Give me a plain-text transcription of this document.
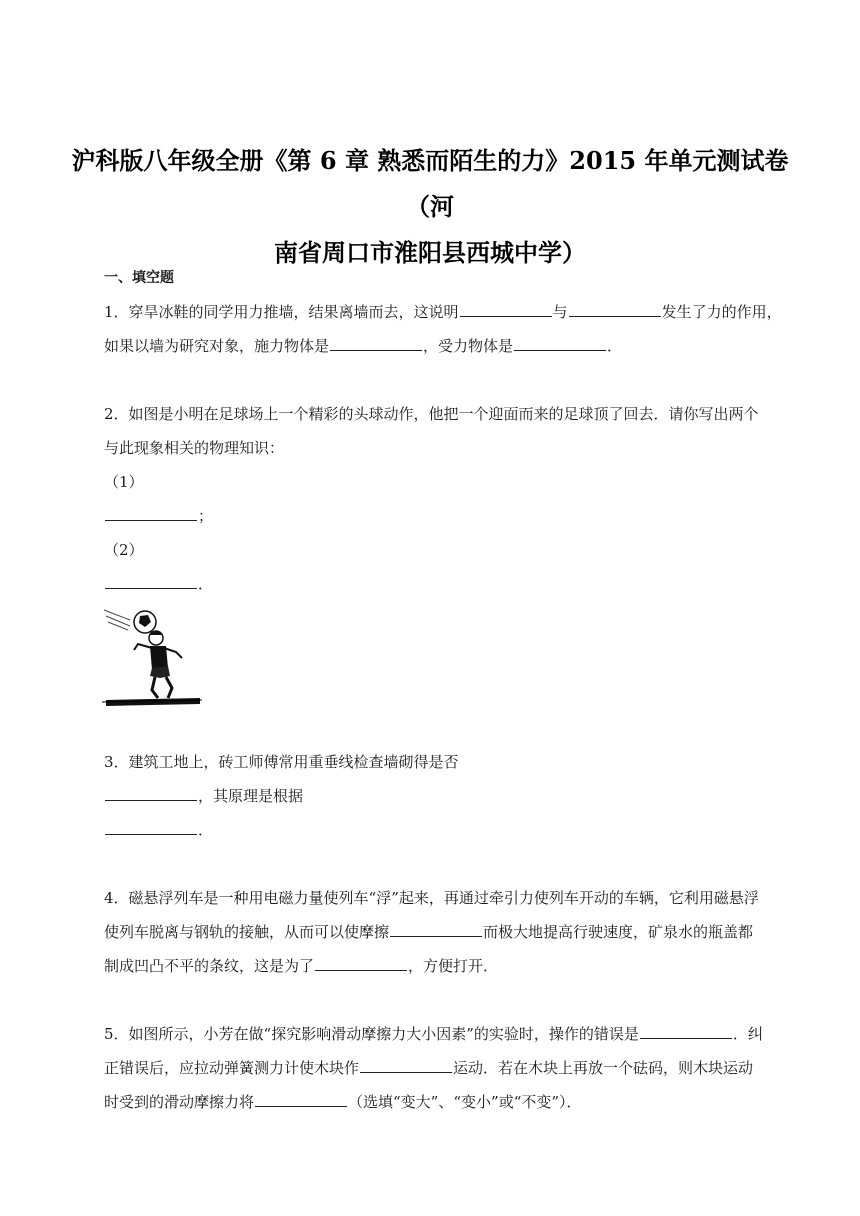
沪科版八年级全册《第 6 章 熟悉而陌生的力》2015 年单元测试卷（河
南省周口市淮阳县西城中学）
一、填空题
1．穿旱冰鞋的同学用力推墙，结果离墙而去，这说明	与	发生了力的作用，
如果以墙为研究对象，施力物体是	，受力物体是	．
2．如图是小明在足球场上一个精彩的头球动作，他把一个迎面而来的足球顶了回去．请你写出两个
与此现象相关的物理知识：
（1）
；
（2）
．
3．建筑工地上，砖工师傅常用重垂线检查墙砌得是否
，其原理是根据
．
4．磁悬浮列车是一种用电磁力量使列车“浮”起来，再通过牵引力使列车开动的车辆，它利用磁悬浮
使列车脱离与钢轨的接触，从而可以使摩擦	而极大地提高行驶速度，矿泉水的瓶盖都
制成凹凸不平的条纹，这是为了	，方便打开．
5．如图所示，小芳在做“探究影响滑动摩擦力大小因素”的实验时，操作的错误是	．纠
正错误后，应拉动弹簧测力计使木块作	运动．若在木块上再放一个砝码，则木块运动
时受到的滑动摩擦力将	（选填“变大”、“变小”或“不变”）．
